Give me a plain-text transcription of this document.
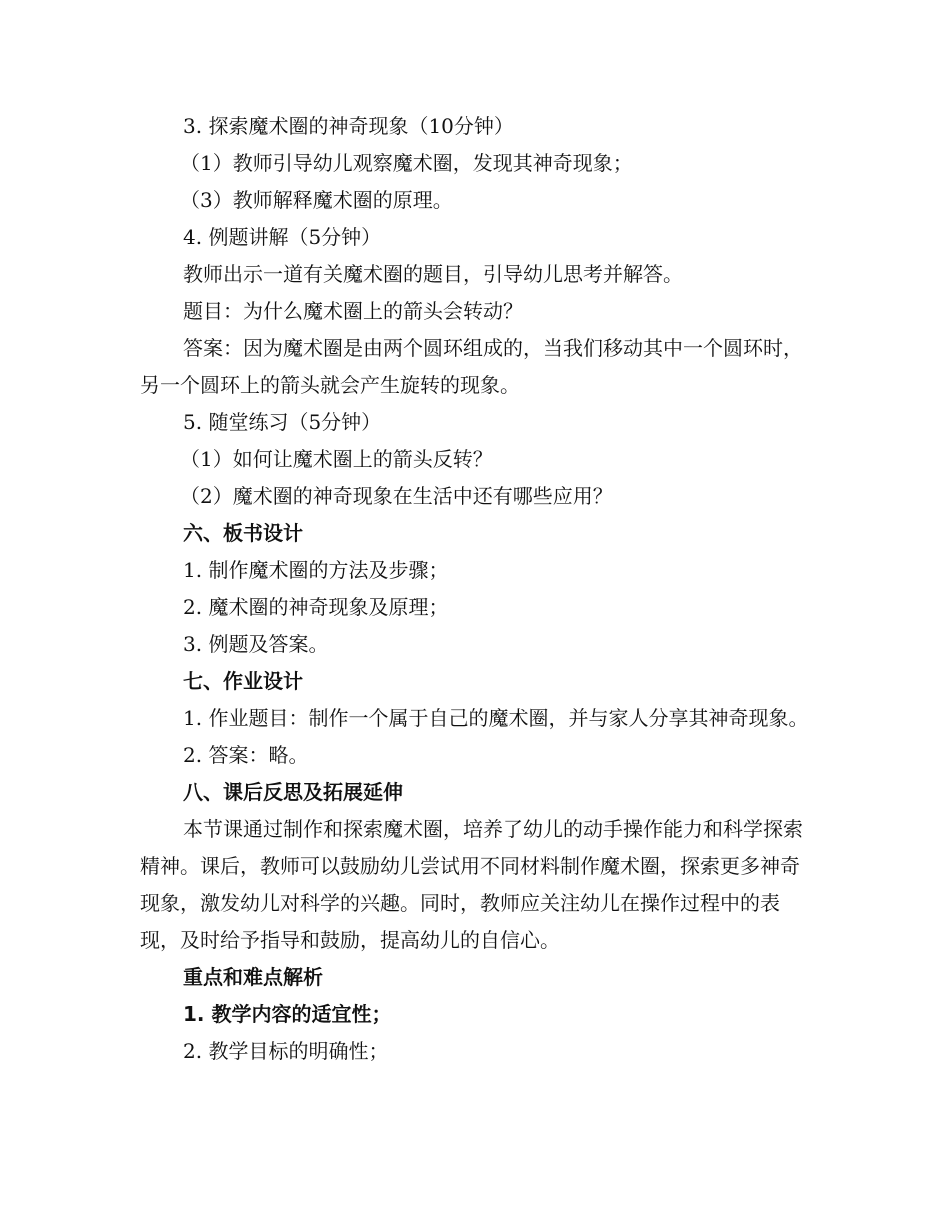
3. 探索魔术圈的神奇现象（10分钟）

（1）教师引导幼儿观察魔术圈，发现其神奇现象；

（3）教师解释魔术圈的原理。

4. 例题讲解（5分钟）

教师出示一道有关魔术圈的题目，引导幼儿思考并解答。

题目：为什么魔术圈上的箭头会转动？

答案：因为魔术圈是由两个圆环组成的，当我们移动其中一个圆环时，另一个圆环上的箭头就会产生旋转的现象。

5. 随堂练习（5分钟）

（1）如何让魔术圈上的箭头反转？

（2）魔术圈的神奇现象在生活中还有哪些应用？

六、板书设计

1. 制作魔术圈的方法及步骤；

2. 魔术圈的神奇现象及原理；

3. 例题及答案。

七、作业设计

1. 作业题目：制作一个属于自己的魔术圈，并与家人分享其神奇现象。

2. 答案：略。

八、课后反思及拓展延伸

本节课通过制作和探索魔术圈，培养了幼儿的动手操作能力和科学探索精神。课后，教师可以鼓励幼儿尝试用不同材料制作魔术圈，探索更多神奇现象，激发幼儿对科学的兴趣。同时，教师应关注幼儿在操作过程中的表现，及时给予指导和鼓励，提高幼儿的自信心。

重点和难点解析

1. 教学内容的适宜性；

2. 教学目标的明确性；
